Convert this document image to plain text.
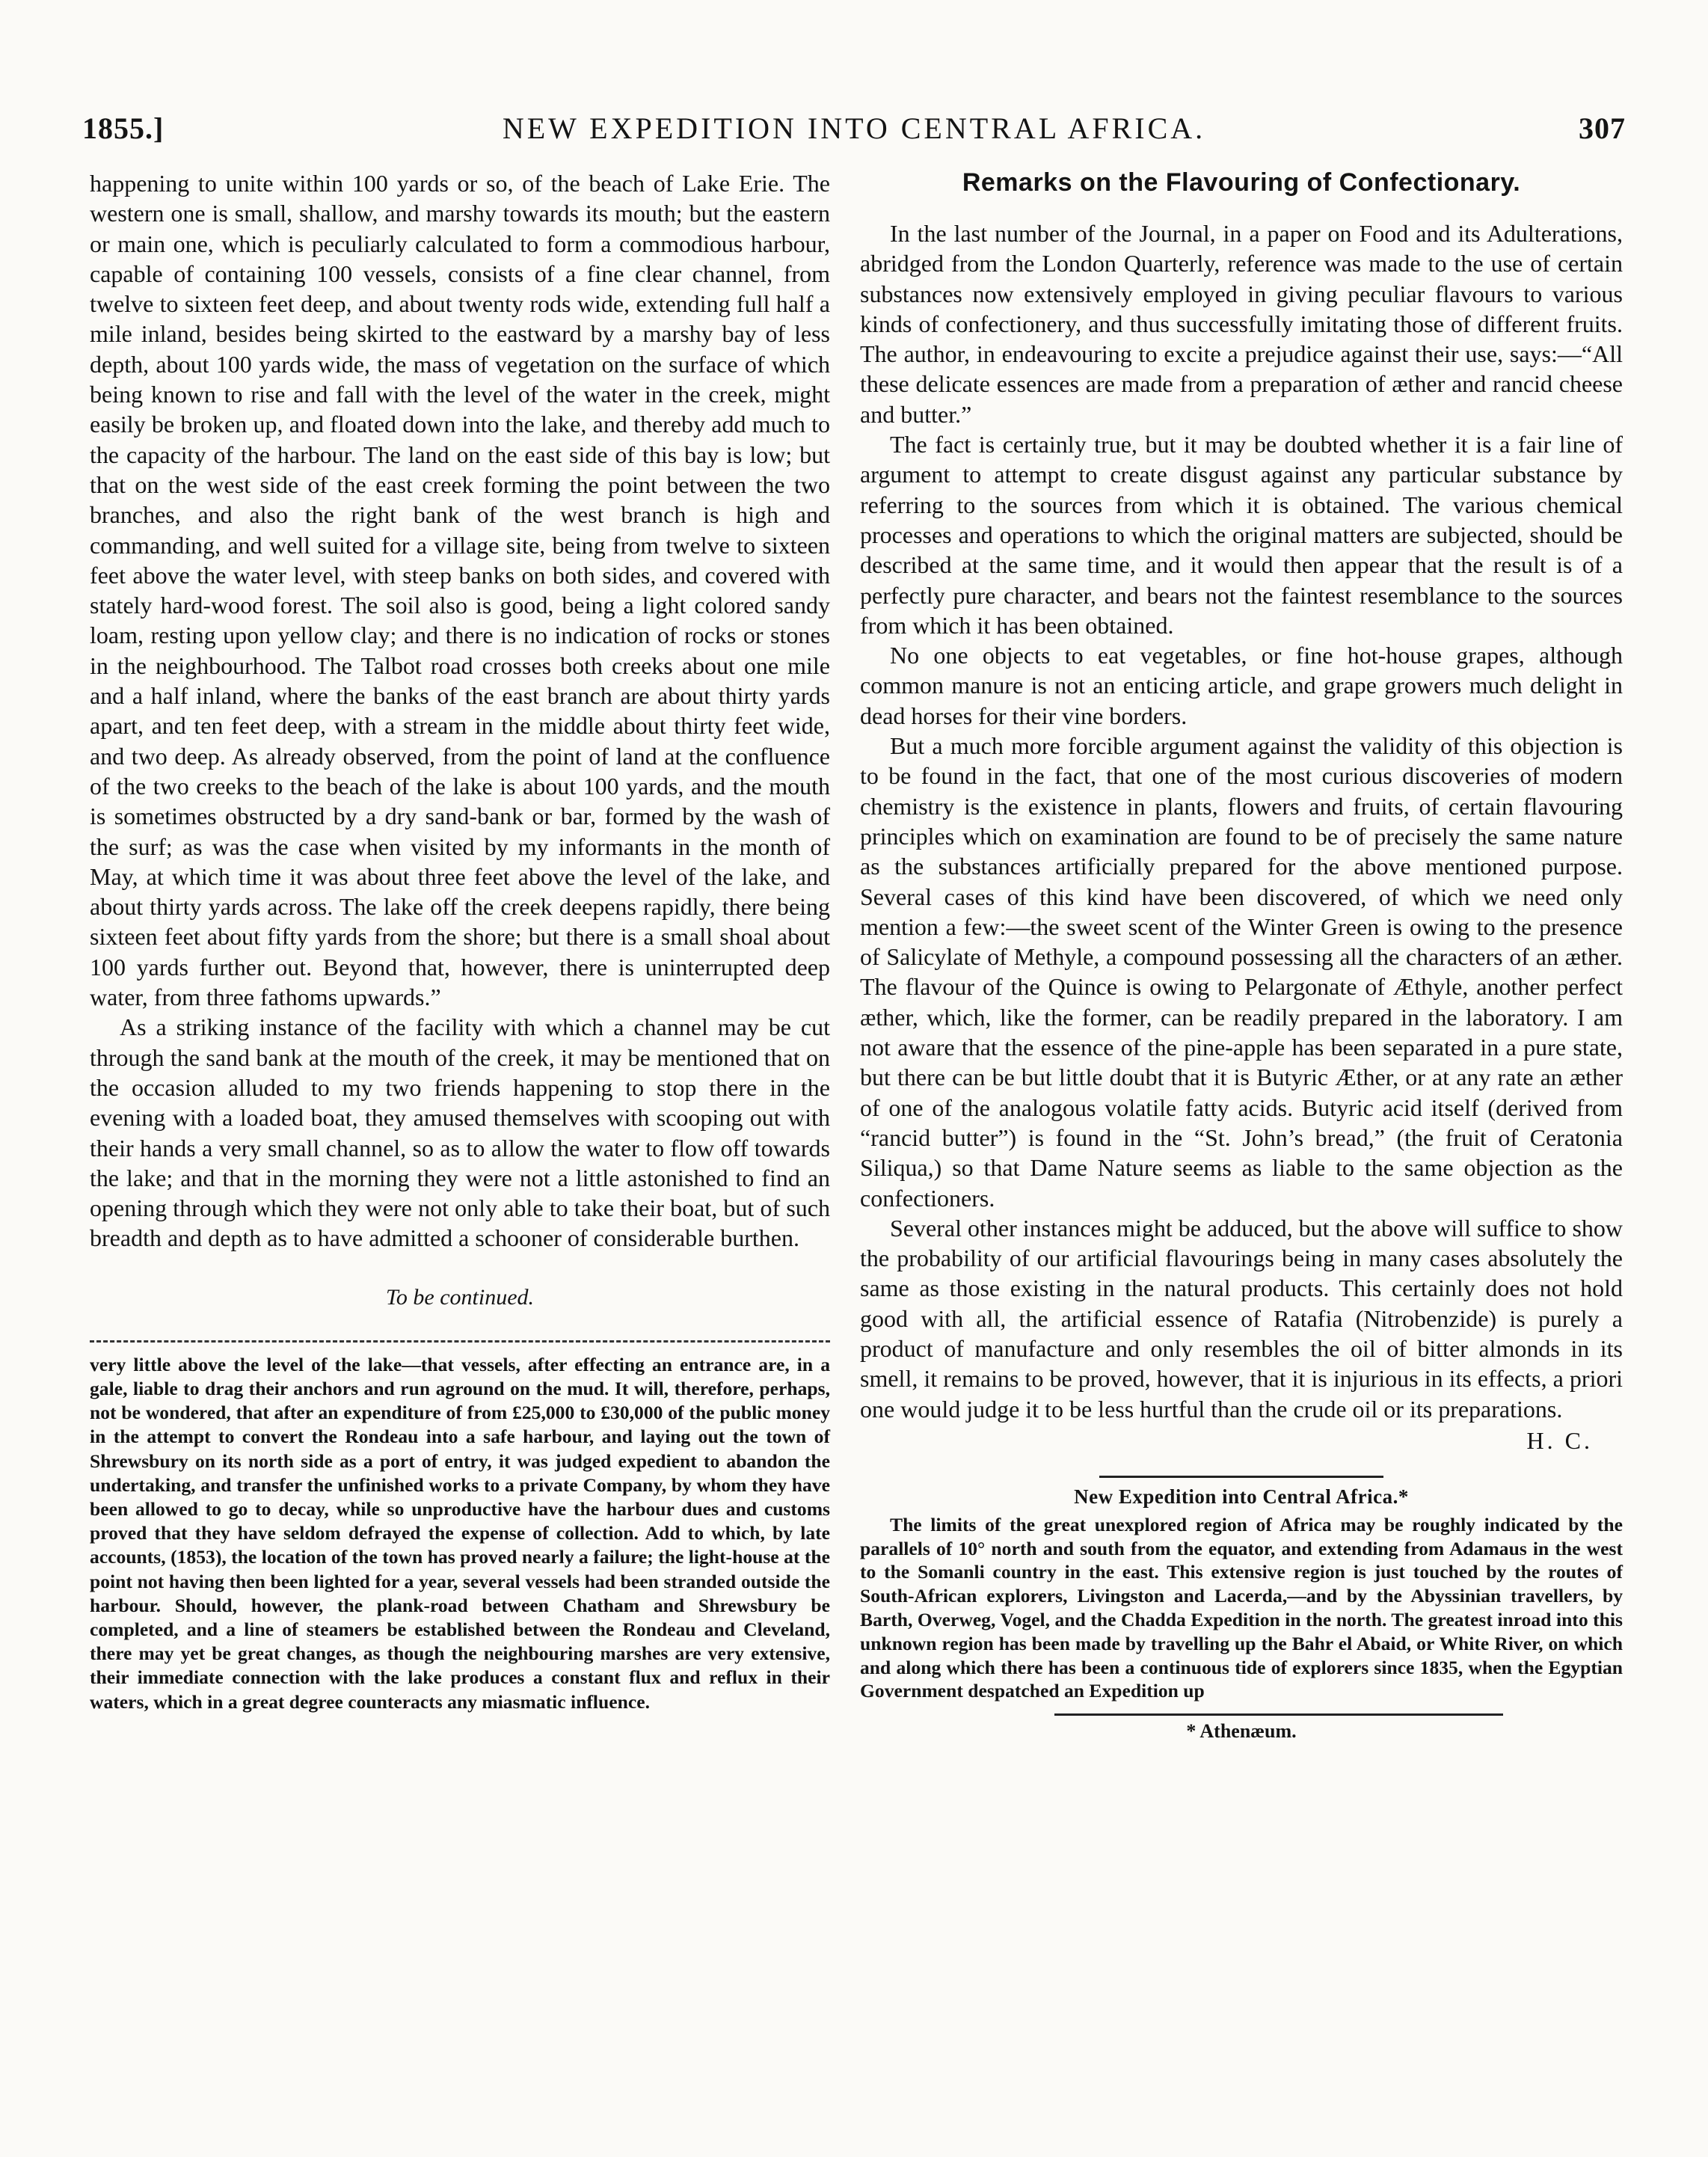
1855.]	NEW EXPEDITION INTO CENTRAL AFRICA.	307

happening to unite within 100 yards or so, of the beach of Lake Erie. The western one is small, shallow, and marshy towards its mouth; but the eastern or main one, which is peculiarly calculated to form a commodious harbour, capable of containing 100 vessels, consists of a fine clear channel, from twelve to sixteen feet deep, and about twenty rods wide, extending full half a mile inland, besides being skirted to the eastward by a marshy bay of less depth, about 100 yards wide, the mass of vegetation on the surface of which being known to rise and fall with the level of the water in the creek, might easily be broken up, and floated down into the lake, and thereby add much to the capacity of the harbour. The land on the east side of this bay is low; but that on the west side of the east creek forming the point between the two branches, and also the right bank of the west branch is high and commanding, and well suited for a village site, being from twelve to sixteen feet above the water level, with steep banks on both sides, and covered with stately hard-wood forest. The soil also is good, being a light colored sandy loam, resting upon yellow clay; and there is no indication of rocks or stones in the neighbourhood. The Talbot road crosses both creeks about one mile and a half inland, where the banks of the east branch are about thirty yards apart, and ten feet deep, with a stream in the middle about thirty feet wide, and two deep. As already observed, from the point of land at the confluence of the two creeks to the beach of the lake is about 100 yards, and the mouth is sometimes obstructed by a dry sand-bank or bar, formed by the wash of the surf; as was the case when visited by my informants in the month of May, at which time it was about three feet above the level of the lake, and about thirty yards across. The lake off the creek deepens rapidly, there being sixteen feet about fifty yards from the shore; but there is a small shoal about 100 yards further out. Beyond that, however, there is uninterrupted deep water, from three fathoms upwards.”

As a striking instance of the facility with which a channel may be cut through the sand bank at the mouth of the creek, it may be mentioned that on the occasion alluded to my two friends happening to stop there in the evening with a loaded boat, they amused themselves with scooping out with their hands a very small channel, so as to allow the water to flow off towards the lake; and that in the morning they were not a little astonished to find an opening through which they were not only able to take their boat, but of such breadth and depth as to have admitted a schooner of considerable burthen.

To be continued.

very little above the level of the lake—that vessels, after effecting an entrance are, in a gale, liable to drag their anchors and run aground on the mud. It will, therefore, perhaps, not be wondered, that after an expenditure of from £25,000 to £30,000 of the public money in the attempt to convert the Rondeau into a safe harbour, and laying out the town of Shrewsbury on its north side as a port of entry, it was judged expedient to abandon the undertaking, and transfer the unfinished works to a private Company, by whom they have been allowed to go to decay, while so unproductive have the harbour dues and customs proved that they have seldom defrayed the expense of collection. Add to which, by late accounts, (1853), the location of the town has proved nearly a failure; the light-house at the point not having then been lighted for a year, several vessels had been stranded outside the harbour. Should, however, the plank-road between Chatham and Shrewsbury be completed, and a line of steamers be established between the Rondeau and Cleveland, there may yet be great changes, as though the neighbouring marshes are very extensive, their immediate connection with the lake produces a constant flux and reflux in their waters, which in a great degree counteracts any miasmatic influence.

Remarks on the Flavouring of Confectionary.

In the last number of the Journal, in a paper on Food and its Adulterations, abridged from the London Quarterly, reference was made to the use of certain substances now extensively employed in giving peculiar flavours to various kinds of confectionery, and thus successfully imitating those of different fruits. The author, in endeavouring to excite a prejudice against their use, says:—“All these delicate essences are made from a preparation of æther and rancid cheese and butter.”

The fact is certainly true, but it may be doubted whether it is a fair line of argument to attempt to create disgust against any particular substance by referring to the sources from which it is obtained. The various chemical processes and operations to which the original matters are subjected, should be described at the same time, and it would then appear that the result is of a perfectly pure character, and bears not the faintest resemblance to the sources from which it has been obtained.

No one objects to eat vegetables, or fine hot-house grapes, although common manure is not an enticing article, and grape growers much delight in dead horses for their vine borders.

But a much more forcible argument against the validity of this objection is to be found in the fact, that one of the most curious discoveries of modern chemistry is the existence in plants, flowers and fruits, of certain flavouring principles which on examination are found to be of precisely the same nature as the substances artificially prepared for the above mentioned purpose. Several cases of this kind have been discovered, of which we need only mention a few:—the sweet scent of the Winter Green is owing to the presence of Salicylate of Methyle, a compound possessing all the characters of an æther. The flavour of the Quince is owing to Pelargonate of Æthyle, another perfect æther, which, like the former, can be readily prepared in the laboratory. I am not aware that the essence of the pine-apple has been separated in a pure state, but there can be but little doubt that it is Butyric Æther, or at any rate an æther of one of the analogous volatile fatty acids. Butyric acid itself (derived from “rancid butter”) is found in the “St. John’s bread,” (the fruit of Ceratonia Siliqua,) so that Dame Nature seems as liable to the same objection as the confectioners.

Several other instances might be adduced, but the above will suffice to show the probability of our artificial flavourings being in many cases absolutely the same as those existing in the natural products. This certainly does not hold good with all, the artificial essence of Ratafia (Nitrobenzide) is purely a product of manufacture and only resembles the oil of bitter almonds in its smell, it remains to be proved, however, that it is injurious in its effects, a priori one would judge it to be less hurtful than the crude oil or its preparations.

H. C.
New Expedition into Central Africa.*

The limits of the great unexplored region of Africa may be roughly indicated by the parallels of 10° north and south from the equator, and extending from Adamaus in the west to the Somanli country in the east. This extensive region is just touched by the routes of South-African explorers, Livingston and Lacerda,—and by the Abyssinian travellers, by Barth, Overweg, Vogel, and the Chadda Expedition in the north. The greatest inroad into this unknown region has been made by travelling up the Bahr el Abaid, or White River, on which and along which there has been a continuous tide of explorers since 1835, when the Egyptian Government despatched an Expedition up

* Athenæum.
